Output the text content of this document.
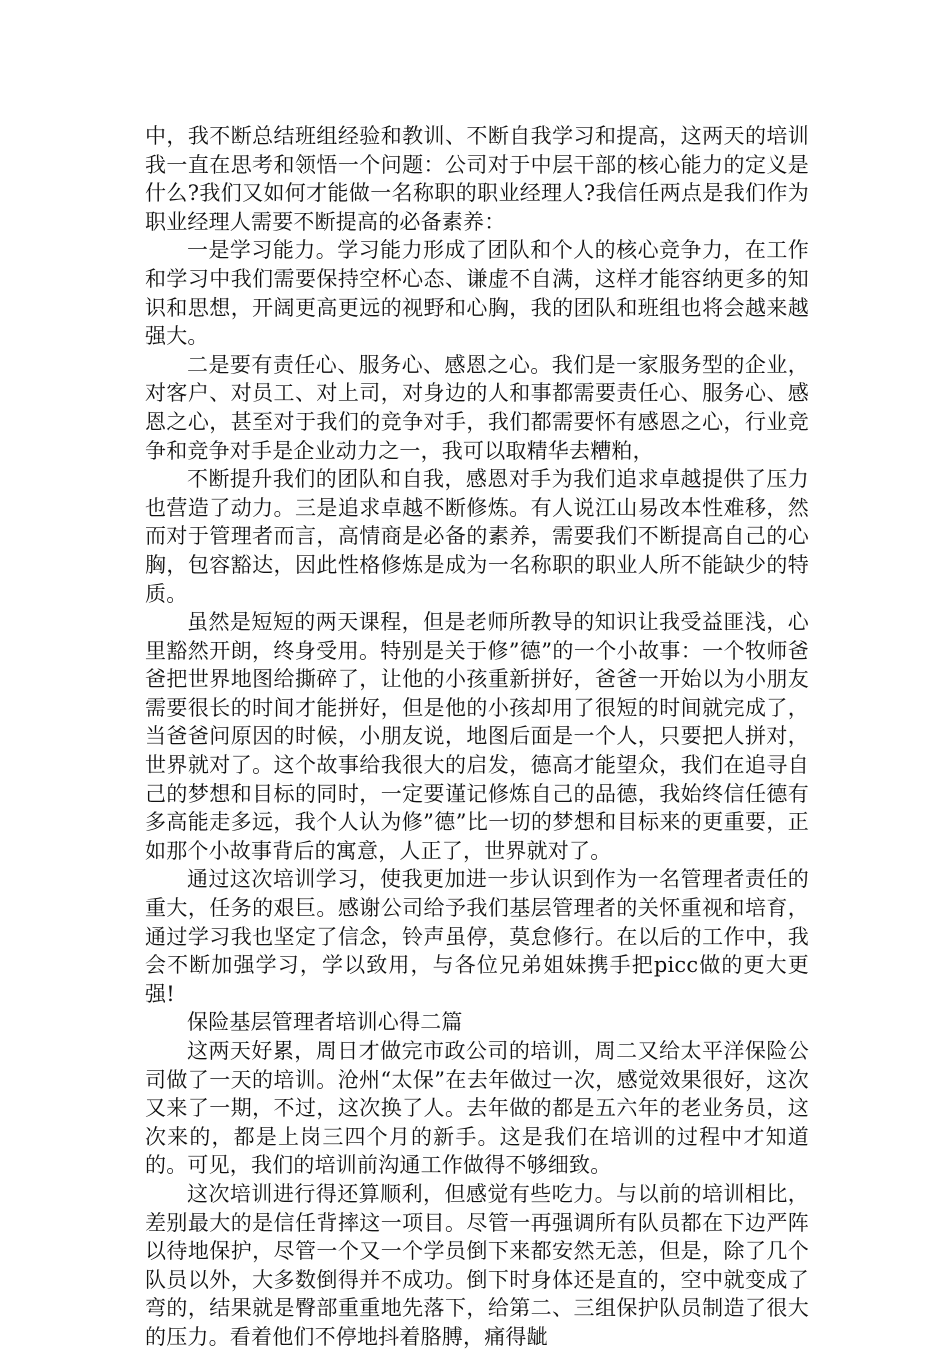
中，我不断总结班组经验和教训、不断自我学习和提高，这两天的培训我一直在思考和领悟一个问题：公司对于中层干部的核心能力的定义是什么?我们又如何才能做一名称职的职业经理人?我信任两点是我们作为职业经理人需要不断提高的必备素养：

一是学习能力。学习能力形成了团队和个人的核心竞争力，在工作和学习中我们需要保持空杯心态、谦虚不自满，这样才能容纳更多的知识和思想，开阔更高更远的视野和心胸，我的团队和班组也将会越来越强大。

二是要有责任心、服务心、感恩之心。我们是一家服务型的企业，对客户、对员工、对上司，对身边的人和事都需要责任心、服务心、感恩之心，甚至对于我们的竞争对手，我们都需要怀有感恩之心，行业竞争和竞争对手是企业动力之一，我可以取精华去糟粕，

不断提升我们的团队和自我，感恩对手为我们追求卓越提供了压力也营造了动力。三是追求卓越不断修炼。有人说江山易改本性难移，然而对于管理者而言，高情商是必备的素养，需要我们不断提高自己的心胸，包容豁达，因此性格修炼是成为一名称职的职业人所不能缺少的特质。

虽然是短短的两天课程，但是老师所教导的知识让我受益匪浅，心里豁然开朗，终身受用。特别是关于修”德”的一个小故事：一个牧师爸爸把世界地图给撕碎了，让他的小孩重新拼好，爸爸一开始以为小朋友需要很长的时间才能拼好，但是他的小孩却用了很短的时间就完成了，当爸爸问原因的时候，小朋友说，地图后面是一个人，只要把人拼对，世界就对了。这个故事给我很大的启发，德高才能望众，我们在追寻自己的梦想和目标的同时，一定要谨记修炼自己的品德，我始终信任德有多高能走多远，我个人认为修”德”比一切的梦想和目标来的更重要，正如那个小故事背后的寓意，人正了，世界就对了。

通过这次培训学习，使我更加进一步认识到作为一名管理者责任的重大，任务的艰巨。感谢公司给予我们基层管理者的关怀重视和培育，通过学习我也坚定了信念，铃声虽停，莫怠修行。在以后的工作中，我会不断加强学习，学以致用，与各位兄弟姐妹携手把picc做的更大更强!

保险基层管理者培训心得二篇

这两天好累，周日才做完市政公司的培训，周二又给太平洋保险公司做了一天的培训。沧州“太保”在去年做过一次，感觉效果很好，这次又来了一期，不过，这次换了人。去年做的都是五六年的老业务员，这次来的，都是上岗三四个月的新手。这是我们在培训的过程中才知道的。可见，我们的培训前沟通工作做得不够细致。

这次培训进行得还算顺利，但感觉有些吃力。与以前的培训相比，差别最大的是信任背摔这一项目。尽管一再强调所有队员都在下边严阵以待地保护，尽管一个又一个学员倒下来都安然无恙，但是，除了几个队员以外，大多数倒得并不成功。倒下时身体还是直的，空中就变成了弯的，结果就是臀部重重地先落下，给第二、三组保护队员制造了很大的压力。看着他们不停地抖着胳膊，痛得龇
